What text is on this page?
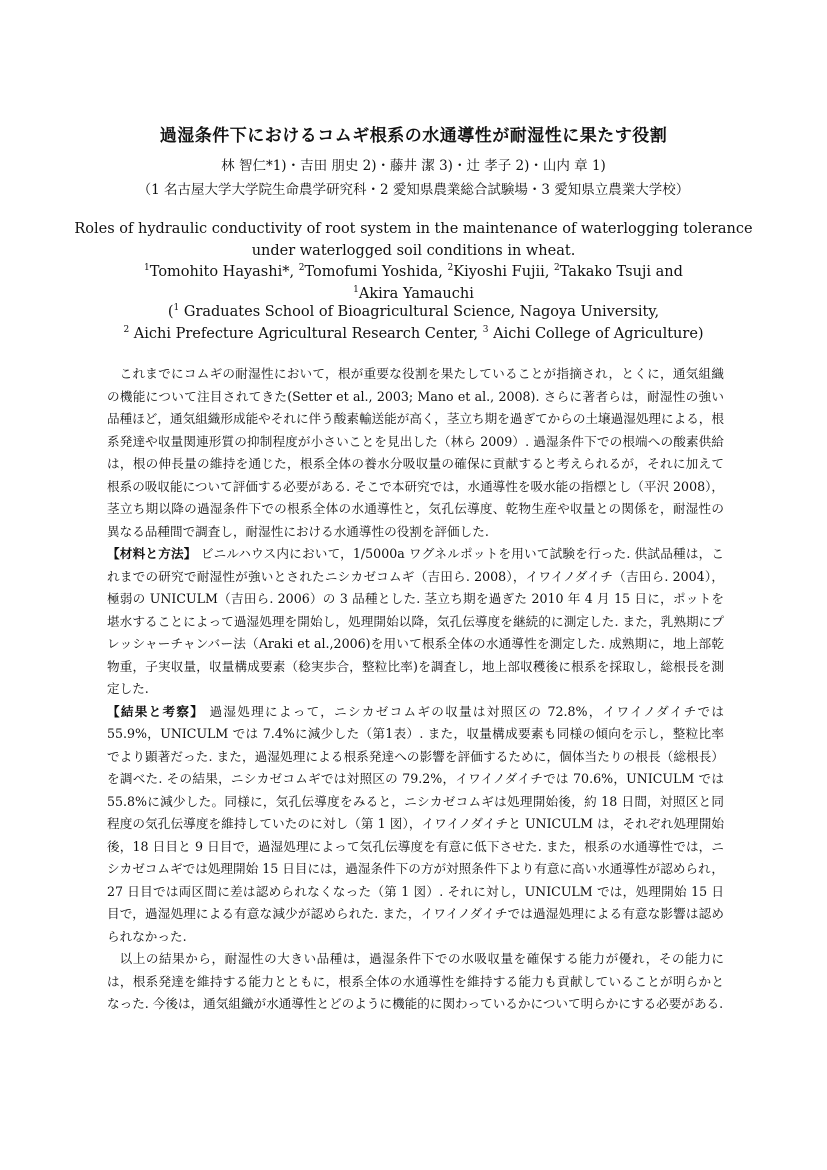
過湿条件下におけるコムギ根系の水通導性が耐湿性に果たす役割
林 智仁*1)・吉田 朋史 2)・藤井 潔 3)・辻 孝子 2)・山内 章 1)
（1 名古屋大学大学院生命農学研究科・2 愛知県農業総合試験場・3 愛知県立農業大学校）
Roles of hydraulic conductivity of root system in the maintenance of waterlogging tolerance
under waterlogged soil conditions in wheat.
$^1$Tomohito Hayashi*, $^2$Tomofumi Yoshida, $^2$Kiyoshi Fujii, $^2$Takako Tsuji and
$^1$Akira Yamauchi
($^1$ Graduates School of Bioagricultural Science, Nagoya University,
$^2$ Aichi Prefecture Agricultural Research Center, $^3$ Aichi College of Agriculture)

これまでにコムギの耐湿性において，根が重要な役割を果たしていることが指摘され，とくに，通気組織の機能について注目されてきた(Setter et al., 2003; Mano et al., 2008). さらに著者らは，耐湿性の強い品種ほど，通気組織形成能やそれに伴う酸素輸送能が高く，茎立ち期を過ぎてからの土壌過湿処理による，根系発達や収量関連形質の抑制程度が小さいことを見出した（林ら 2009）. 過湿条件下での根端への酸素供給は，根の伸長量の維持を通じた，根系全体の養水分吸収量の確保に貢献すると考えられるが，それに加えて根系の吸収能について評価する必要がある. そこで本研究では，水通導性を吸水能の指標とし（平沢 2008），茎立ち期以降の過湿条件下での根系全体の水通導性と，気孔伝導度、乾物生産や収量との関係を，耐湿性の異なる品種間で調査し，耐湿性における水通導性の役割を評価した.

【材料と方法】 ビニルハウス内において，1/5000a ワグネルポットを用いて試験を行った. 供試品種は，これまでの研究で耐湿性が強いとされたニシカゼコムギ（吉田ら. 2008），イワイノダイチ（吉田ら. 2004），極弱の UNICULM（吉田ら. 2006）の 3 品種とした. 茎立ち期を過ぎた 2010 年 4 月 15 日に，ポットを堪水することによって過湿処理を開始し，処理開始以降，気孔伝導度を継続的に測定した. また，乳熟期にプレッシャーチャンバー法（Araki et al.,2006)を用いて根系全体の水通導性を測定した. 成熟期に，地上部乾物重，子実収量，収量構成要素（稔実歩合，整粒比率)を調査し，地上部収穫後に根系を採取し，総根長を測定した.

【結果と考察】 過湿処理によって，ニシカゼコムギの収量は対照区の 72.8%，イワイノダイチでは 55.9%，UNICULM では 7.4%に減少した（第1表）. また，収量構成要素も同様の傾向を示し，整粒比率でより顕著だった. また，過湿処理による根系発達への影響を評価するために，個体当たりの根長（総根長）を調べた. その結果，ニシカゼコムギでは対照区の 79.2%，イワイノダイチでは 70.6%，UNICULM では 55.8%に減少した。同様に，気孔伝導度をみると，ニシカゼコムギは処理開始後，約 18 日間，対照区と同程度の気孔伝導度を維持していたのに対し（第 1 図），イワイノダイチと UNICULM は，それぞれ処理開始後，18 日目と 9 日目で，過湿処理によって気孔伝導度を有意に低下させた. また，根系の水通導性では，ニシカゼコムギでは処理開始 15 日目には，過湿条件下の方が対照条件下より有意に高い水通導性が認められ，27 日目では両区間に差は認められなくなった（第 1 図）. それに対し，UNICULM では，処理開始 15 日目で，過湿処理による有意な減少が認められた. また，イワイノダイチでは過湿処理による有意な影響は認められなかった.

以上の結果から，耐湿性の大きい品種は，過湿条件下での水吸収量を確保する能力が優れ，その能力には，根系発達を維持する能力とともに，根系全体の水通導性を維持する能力も貢献していることが明らかとなった. 今後は，通気組織が水通導性とどのように機能的に関わっているかについて明らかにする必要がある.
